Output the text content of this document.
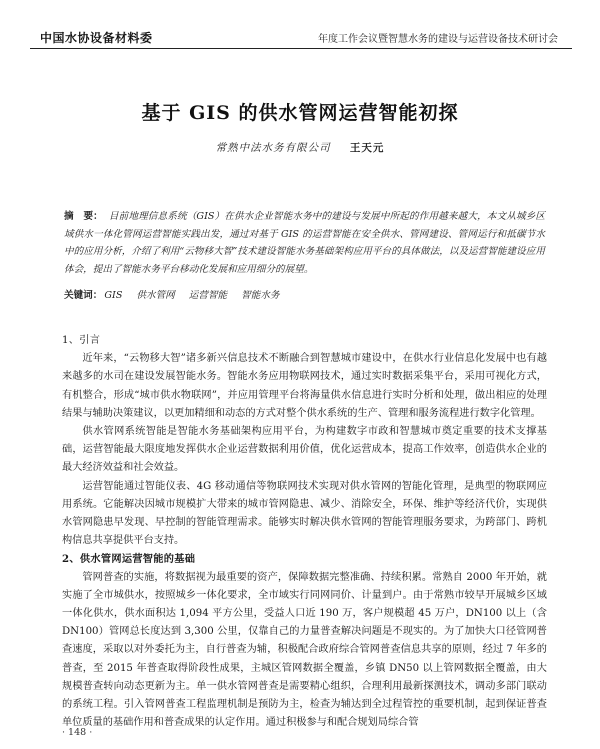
中国水协设备材料委	年度工作会议暨智慧水务的建设与运营设备技术研讨会
基于 GIS 的供水管网运营智能初探
常熟中法水务有限公司 王天元
摘　要： 目前地理信息系统（GIS）在供水企业智能水务中的建设与发展中所起的作用越来越大，本文从城乡区域供水一体化管网运营智能实践出发，通过对基于 GIS 的运营智能在安全供水、管网建设、管网运行和抵碳节水中的应用分析，介绍了利用“云物移大智”技术建设智能水务基础架构应用平台的具体做法，以及运营智能建设应用体会，提出了智能水务平台移动化发展和应用细分的展望。
关键词： GIS 供水管网 运营智能 智能水务
1、引言

近年来，“云物移大智”诸多新兴信息技术不断融合到智慧城市建设中，在供水行业信息化发展中也有越来越多的水司在建设发展智能水务。智能水务应用物联网技术，通过实时数据采集平台，采用可视化方式，有机整合，形成“城市供水物联网”，并应用管理平台将海量供水信息进行实时分析和处理，做出相应的处理结果与辅助决策建议，以更加精细和动态的方式对整个供水系统的生产、管理和服务流程进行数字化管理。

供水管网系统智能是智能水务基础架构应用平台，为构建数字市政和智慧城市奠定重要的技术支撑基础，运营智能最大限度地发挥供水企业运营数据利用价值，优化运营成本，提高工作效率，创造供水企业的最大经济效益和社会效益。

运营智能通过智能仪表、4G 移动通信等物联网技术实现对供水管网的智能化管理，是典型的物联网应用系统。它能解决因城市规模扩大带来的城市管网隐患、减少、消除安全，环保、维护等经济代价，实现供水管网隐患早发现、早控制的智能管理需求。能够实时解决供水管网的智能管理服务要求，为跨部门、跨机构信息共享提供平台支持。

2、供水管网运营智能的基础

管网普查的实施，将数据视为最重要的资产，保障数据完整准确、持续积累。常熟自 2000 年开始，就实施了全市城供水，按照城乡一体化要求，全市域实行同网同价、计量到户。由于常熟市较早开展城乡区域一体化供水，供水面积达 1,094 平方公里，受益人口近 190 万，客户规模超 45 万户，DN100 以上（含 DN100）管网总长度达到 3,300 公里，仅靠自己的力量普查解决问题是不现实的。为了加快大口径管网普查速度，采取以对外委托为主，自行普查为辅，积极配合政府综合管网普查信息共享的原则，经过 7 年多的普查，至 2015 年普查取得阶段性成果，主城区管网数据全覆盖，乡镇 DN50 以上管网数据全覆盖，由大规模普查转向动态更新为主。单一供水管网普查是需要精心组织，合理利用最新探测技术，调动多部门联动的系统工程。引入管网普查工程监理机制是预防为主，检查为辅达到全过程管控的重要机制，起到保证普查单位质量的基础作用和普查成果的认定作用。通过积极参与和配合规划局综合管

· 148 ·
